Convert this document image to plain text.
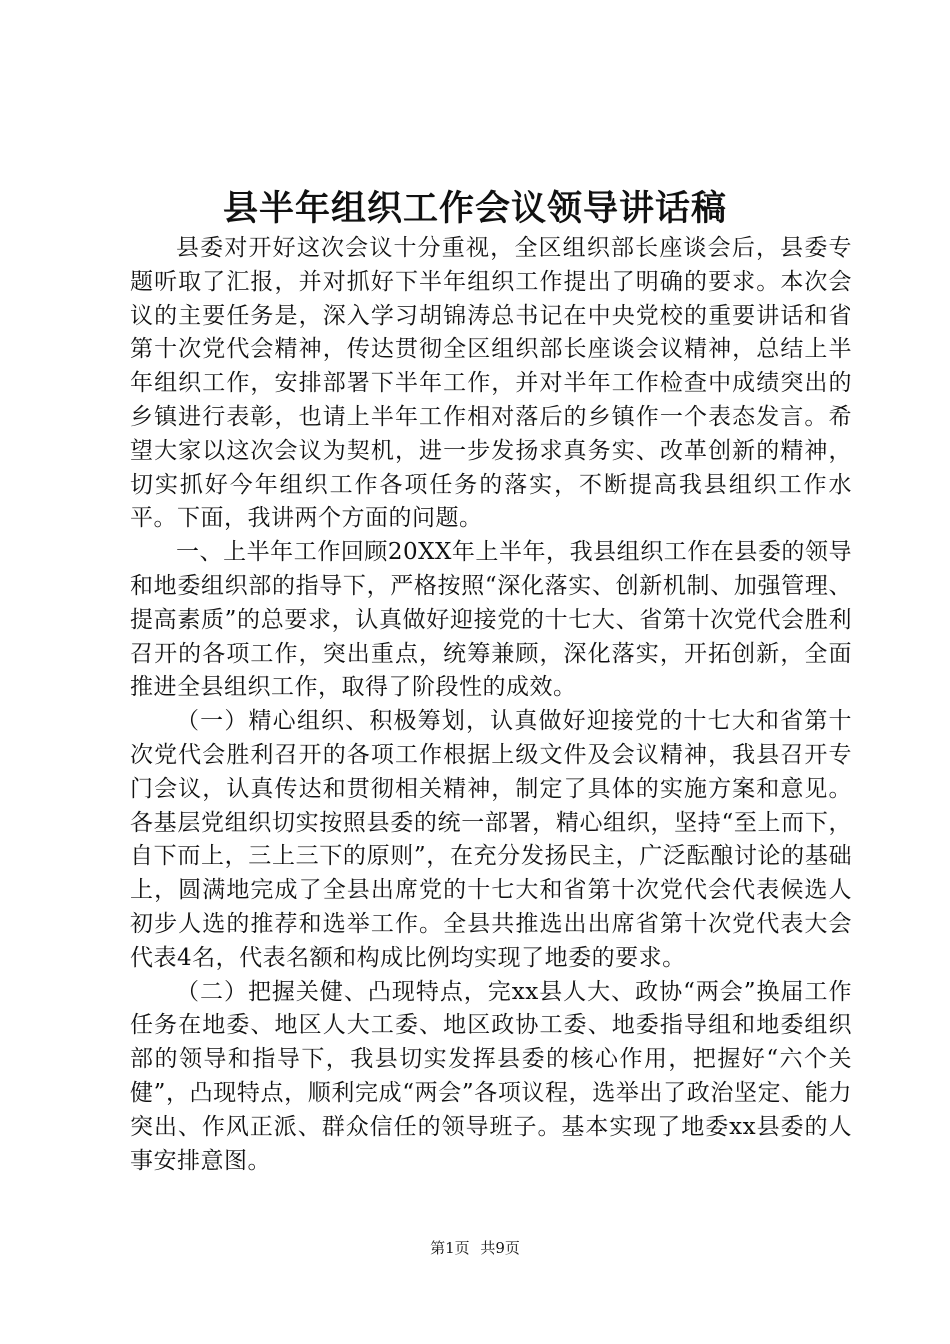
县半年组织工作会议领导讲话稿

县委对开好这次会议十分重视，全区组织部长座谈会后，县委专题听取了汇报，并对抓好下半年组织工作提出了明确的要求。本次会议的主要任务是，深入学习胡锦涛总书记在中央党校的重要讲话和省第十次党代会精神，传达贯彻全区组织部长座谈会议精神，总结上半年组织工作，安排部署下半年工作，并对半年工作检查中成绩突出的乡镇进行表彰，也请上半年工作相对落后的乡镇作一个表态发言。希望大家以这次会议为契机，进一步发扬求真务实、改革创新的精神，切实抓好今年组织工作各项任务的落实，不断提高我县组织工作水平。下面，我讲两个方面的问题。

一、上半年工作回顾20XX年上半年，我县组织工作在县委的领导和地委组织部的指导下，严格按照“深化落实、创新机制、加强管理、提高素质”的总要求，认真做好迎接党的十七大、省第十次党代会胜利召开的各项工作，突出重点，统筹兼顾，深化落实，开拓创新，全面推进全县组织工作，取得了阶段性的成效。

（一）精心组织、积极筹划，认真做好迎接党的十七大和省第十次党代会胜利召开的各项工作根据上级文件及会议精神，我县召开专门会议，认真传达和贯彻相关精神，制定了具体的实施方案和意见。各基层党组织切实按照县委的统一部署，精心组织，坚持“至上而下，自下而上，三上三下的原则”，在充分发扬民主，广泛酝酿讨论的基础上，圆满地完成了全县出席党的十七大和省第十次党代会代表候选人初步人选的推荐和选举工作。全县共推选出出席省第十次党代表大会代表4名，代表名额和构成比例均实现了地委的要求。

（二）把握关健、凸现特点，完xx县人大、政协“两会”换届工作任务在地委、地区人大工委、地区政协工委、地委指导组和地委组织部的领导和指导下，我县切实发挥县委的核心作用，把握好“六个关健”，凸现特点，顺利完成“两会”各项议程，选举出了政治坚定、能力突出、作风正派、群众信任的领导班子。基本实现了地委xx县委的人事安排意图。

第1页 共9页
